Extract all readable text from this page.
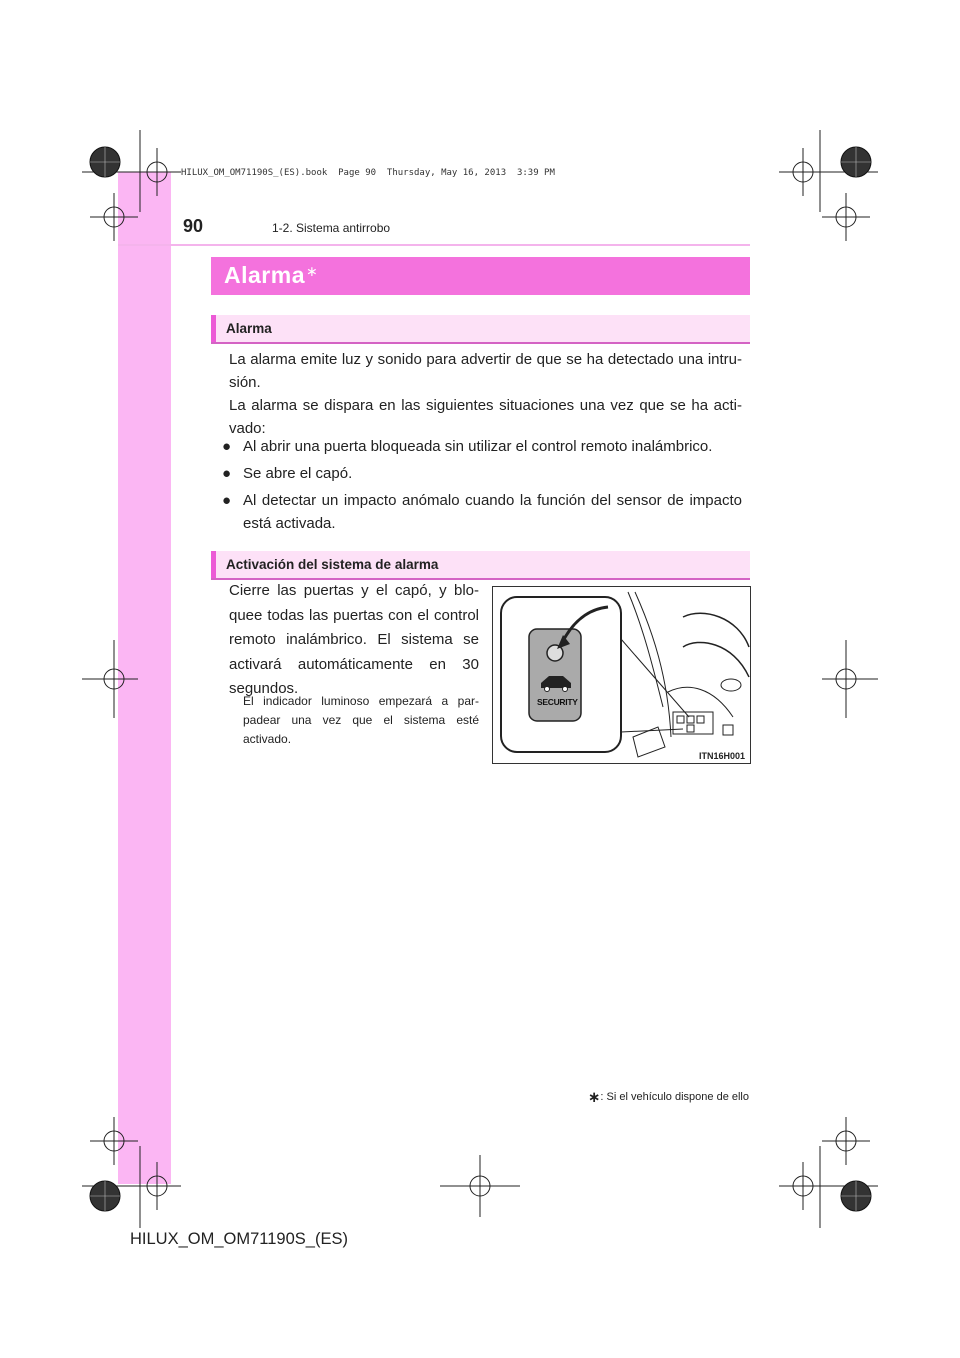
HILUX_OM_OM71190S_(ES).book  Page 90  Thursday, May 16, 2013  3:39 PM
90	1-2. Sistema antirrobo
Alarma ∗
Alarma
La alarma emite luz y sonido para advertir de que se ha detectado una intru-sión.
La alarma se dispara en las siguientes situaciones una vez que se ha acti-vado:
● Al abrir una puerta bloqueada sin utilizar el control remoto inalámbrico.
● Se abre el capó.
● Al detectar un impacto anómalo cuando la función del sensor de impacto está activada.
Activación del sistema de alarma
Cierre las puertas y el capó, y blo-quee todas las puertas con el control remoto inalámbrico. El sistema se activará automáticamente en 30 segundos.
El indicador luminoso empezará a par-padear una vez que el sistema esté activado.
SECURITY
ITN16H001
∗: Si el vehículo dispone de ello
HILUX_OM_OM71190S_(ES)
